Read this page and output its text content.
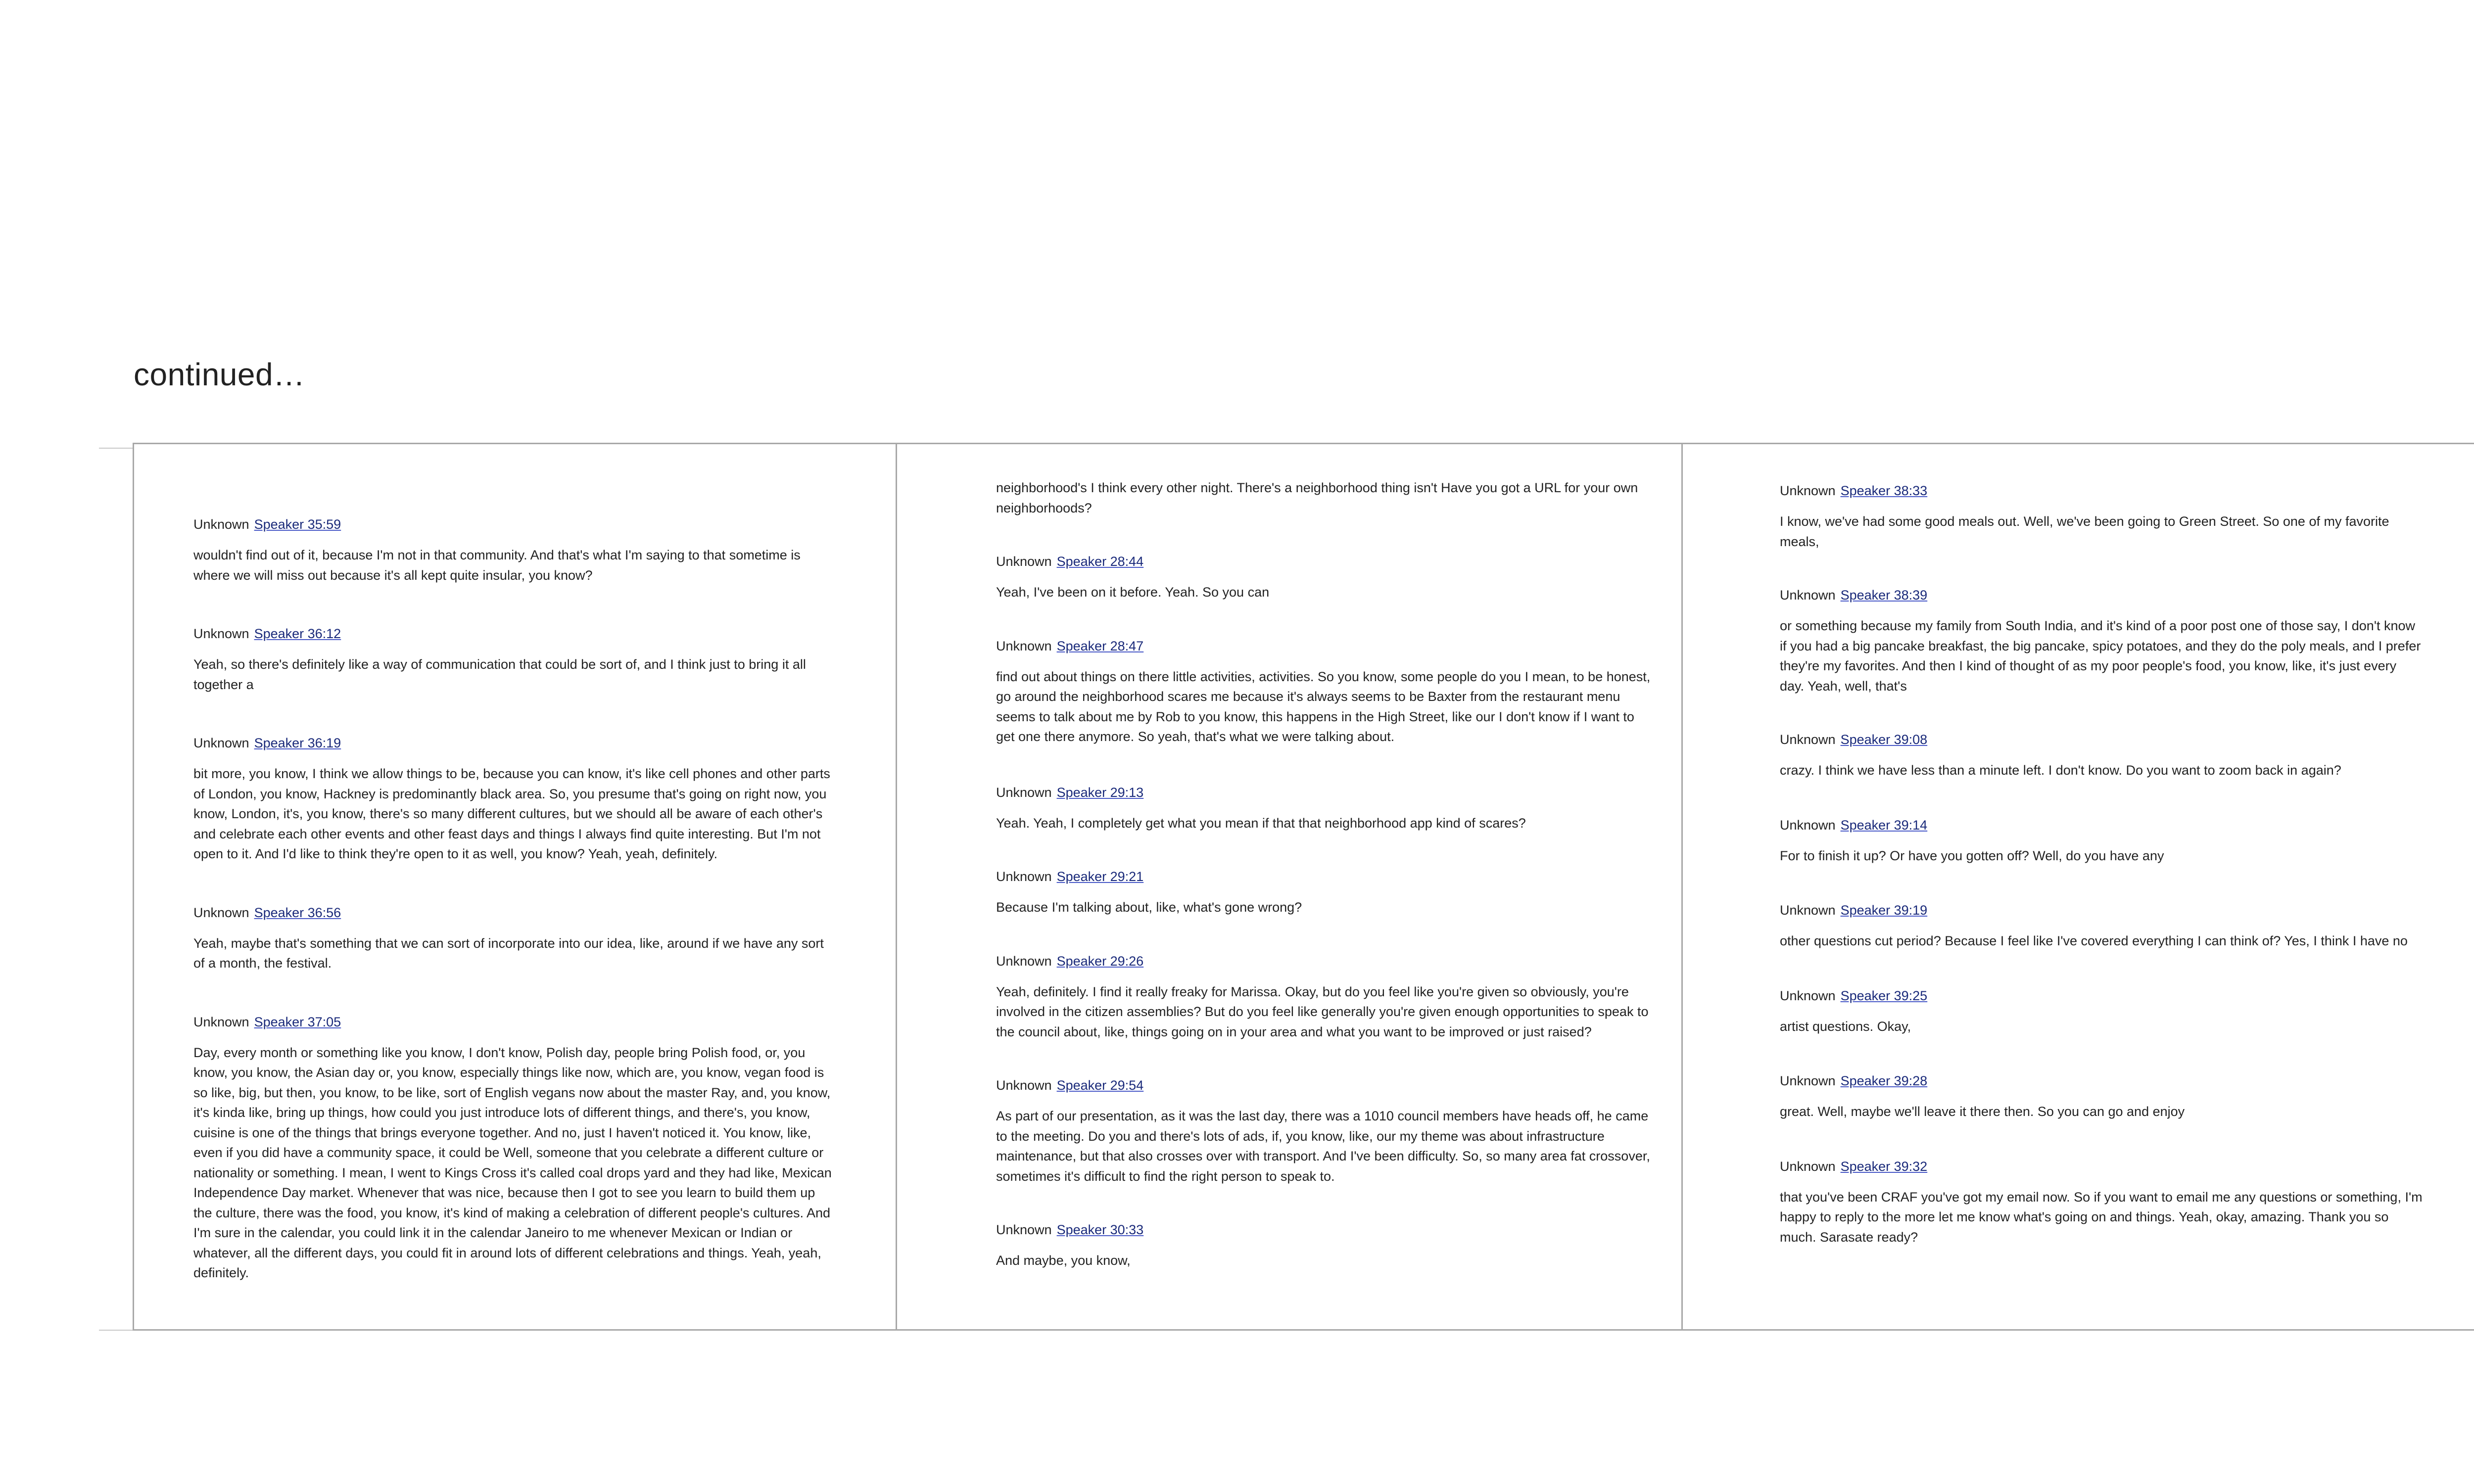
continued…
Unknown Speaker 35:59
wouldn't find out of it, because I'm not in that community. And that's what I'm saying to that sometime is where we will miss out because it's all kept quite insular, you know?
Unknown Speaker 36:12
Yeah, so there's definitely like a way of communication that could be sort of, and I think just to bring it all together a
Unknown Speaker 36:19
bit more, you know, I think we allow things to be, because you can know, it's like cell phones and other parts of London, you know, Hackney is predominantly black area. So, you presume that's going on right now, you know, London, it's, you know, there's so many different cultures, but we should all be aware of each other's and celebrate each other events and other feast days and things I always find quite interesting. But I'm not open to it. And I'd like to think they're open to it as well, you know? Yeah, yeah, definitely.
Unknown Speaker 36:56
Yeah, maybe that's something that we can sort of incorporate into our idea, like, around if we have any sort of a month, the festival.
Unknown Speaker 37:05
Day, every month or something like you know, I don't know, Polish day, people bring Polish food, or, you know, you know, the Asian day or, you know, especially things like now, which are, you know, vegan food is so like, big, but then, you know, to be like, sort of English vegans now about the master Ray, and, you know, it's kinda like, bring up things, how could you just introduce lots of different things, and there's, you know, cuisine is one of the things that brings everyone together. And no, just I haven't noticed it. You know, like, even if you did have a community space, it could be Well, someone that you celebrate a different culture or nationality or something. I mean, I went to Kings Cross it's called coal drops yard and they had like, Mexican Independence Day market. Whenever that was nice, because then I got to see you learn to build them up the culture, there was the food, you know, it's kind of making a celebration of different people's cultures. And I'm sure in the calendar, you could link it in the calendar Janeiro to me whenever Mexican or Indian or whatever, all the different days, you could fit in around lots of different celebrations and things. Yeah, yeah, definitely.
neighborhood's I think every other night. There's a neighborhood thing isn't Have you got a URL for your own neighborhoods?
Unknown Speaker 28:44
Yeah, I've been on it before. Yeah. So you can
Unknown Speaker 28:47
find out about things on there little activities, activities. So you know, some people do you I mean, to be honest, go around the neighborhood scares me because it's always seems to be Baxter from the restaurant menu seems to talk about me by Rob to you know, this happens in the High Street, like our I don't know if I want to get one there anymore. So yeah, that's what we were talking about.
Unknown Speaker 29:13
Yeah. Yeah, I completely get what you mean if that that neighborhood app kind of scares?
Unknown Speaker 29:21
Because I'm talking about, like, what's gone wrong?
Unknown Speaker 29:26
Yeah, definitely. I find it really freaky for Marissa. Okay, but do you feel like you're given so obviously, you're involved in the citizen assemblies? But do you feel like generally you're given enough opportunities to speak to the council about, like, things going on in your area and what you want to be improved or just raised?
Unknown Speaker 29:54
As part of our presentation, as it was the last day, there was a 1010 council members have heads off, he came to the meeting. Do you and there's lots of ads, if, you know, like, our my theme was about infrastructure maintenance, but that also crosses over with transport. And I've been difficulty. So, so many area fat crossover, sometimes it's difficult to find the right person to speak to.
Unknown Speaker 30:33
And maybe, you know,
Unknown Speaker 38:33
I know, we've had some good meals out. Well, we've been going to Green Street. So one of my favorite meals,
Unknown Speaker 38:39
or something because my family from South India, and it's kind of a poor post one of those say, I don't know if you had a big pancake breakfast, the big pancake, spicy potatoes, and they do the poly meals, and I prefer they're my favorites. And then I kind of thought of as my poor people's food, you know, like, it's just every day. Yeah, well, that's
Unknown Speaker 39:08
crazy. I think we have less than a minute left. I don't know. Do you want to zoom back in again?
Unknown Speaker 39:14
For to finish it up? Or have you gotten off? Well, do you have any
Unknown Speaker 39:19
other questions cut period? Because I feel like I've covered everything I can think of? Yes, I think I have no
Unknown Speaker 39:25
artist questions. Okay,
Unknown Speaker 39:28
great. Well, maybe we'll leave it there then. So you can go and enjoy
Unknown Speaker 39:32
that you've been CRAF you've got my email now. So if you want to email me any questions or something, I'm happy to reply to the more let me know what's going on and things. Yeah, okay, amazing. Thank you so much. Sarasate ready?
